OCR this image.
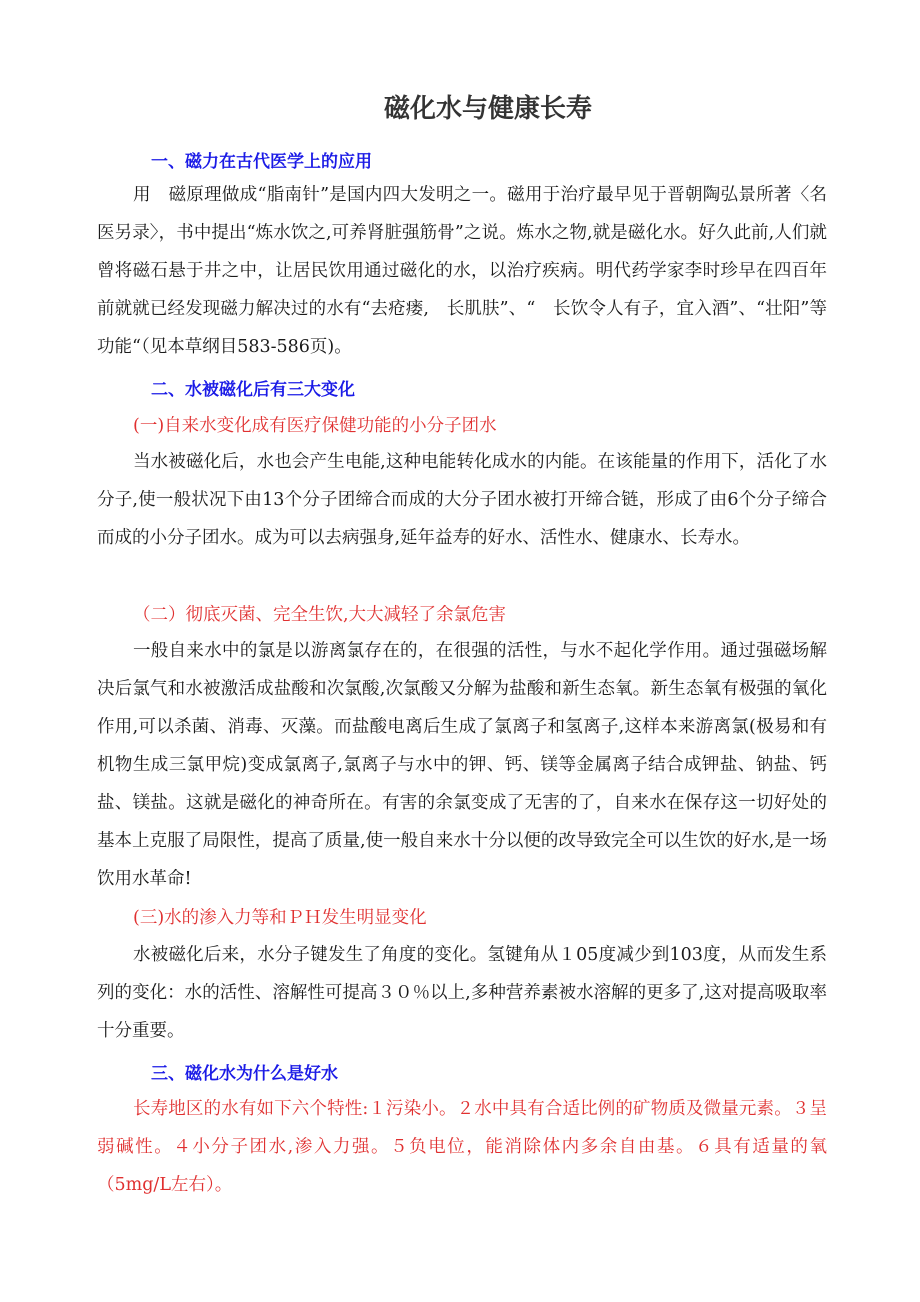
磁化水与健康长寿
一、磁力在古代医学上的应用
用　磁原理做成“脂南针”是国内四大发明之一。磁用于治疗最早见于晋朝陶弘景所著〈名医另录〉，书中提出“炼水饮之,可养肾脏强筋骨”之说。炼水之物,就是磁化水。好久此前,人们就曾将磁石悬于井之中，让居民饮用通过磁化的水，以治疗疾病。明代药学家李时珍早在四百年前就就已经发现磁力解决过的水有“去疮瘘,　长肌肤”、“　长饮令人有子，宜入酒”、“壮阳”等功能“（见本草纲目583-586页)。
二、水被磁化后有三大变化
(一)自来水变化成有医疗保健功能的小分子团水
当水被磁化后，水也会产生电能,这种电能转化成水的内能。在该能量的作用下，活化了水分子,使一般状况下由13个分子团缔合而成的大分子团水被打开缔合链，形成了由6个分子缔合而成的小分子团水。成为可以去病强身,延年益寿的好水、活性水、健康水、长寿水。
（二）彻底灭菌、完全生饮,大大减轻了余氯危害
一般自来水中的氯是以游离氯存在的，在很强的活性，与水不起化学作用。通过强磁场解决后氯气和水被激活成盐酸和次氯酸,次氯酸又分解为盐酸和新生态氧。新生态氧有极强的氧化作用,可以杀菌、消毒、灭藻。而盐酸电离后生成了氯离子和氢离子,这样本来游离氯(极易和有机物生成三氯甲烷)变成氯离子,氯离子与水中的钾、钙、镁等金属离子结合成钾盐、钠盐、钙盐、镁盐。这就是磁化的神奇所在。有害的余氯变成了无害的了，自来水在保存这一切好处的基本上克服了局限性，提高了质量,使一般自来水十分以便的改导致完全可以生饮的好水,是一场饮用水革命!
(三)水的渗入力等和ＰＨ发生明显变化
水被磁化后来，水分子键发生了角度的变化。氢键角从１05度减少到103度，从而发生系列的变化：水的活性、溶解性可提高３０％以上,多种营养素被水溶解的更多了,这对提高吸取率十分重要。
三、磁化水为什么是好水
长寿地区的水有如下六个特性:１污染小。２水中具有合适比例的矿物质及微量元素。３呈弱碱性。４小分子团水,渗入力强。５负电位，能消除体内多余自由基。６具有适量的氧（5mg/L左右）。
